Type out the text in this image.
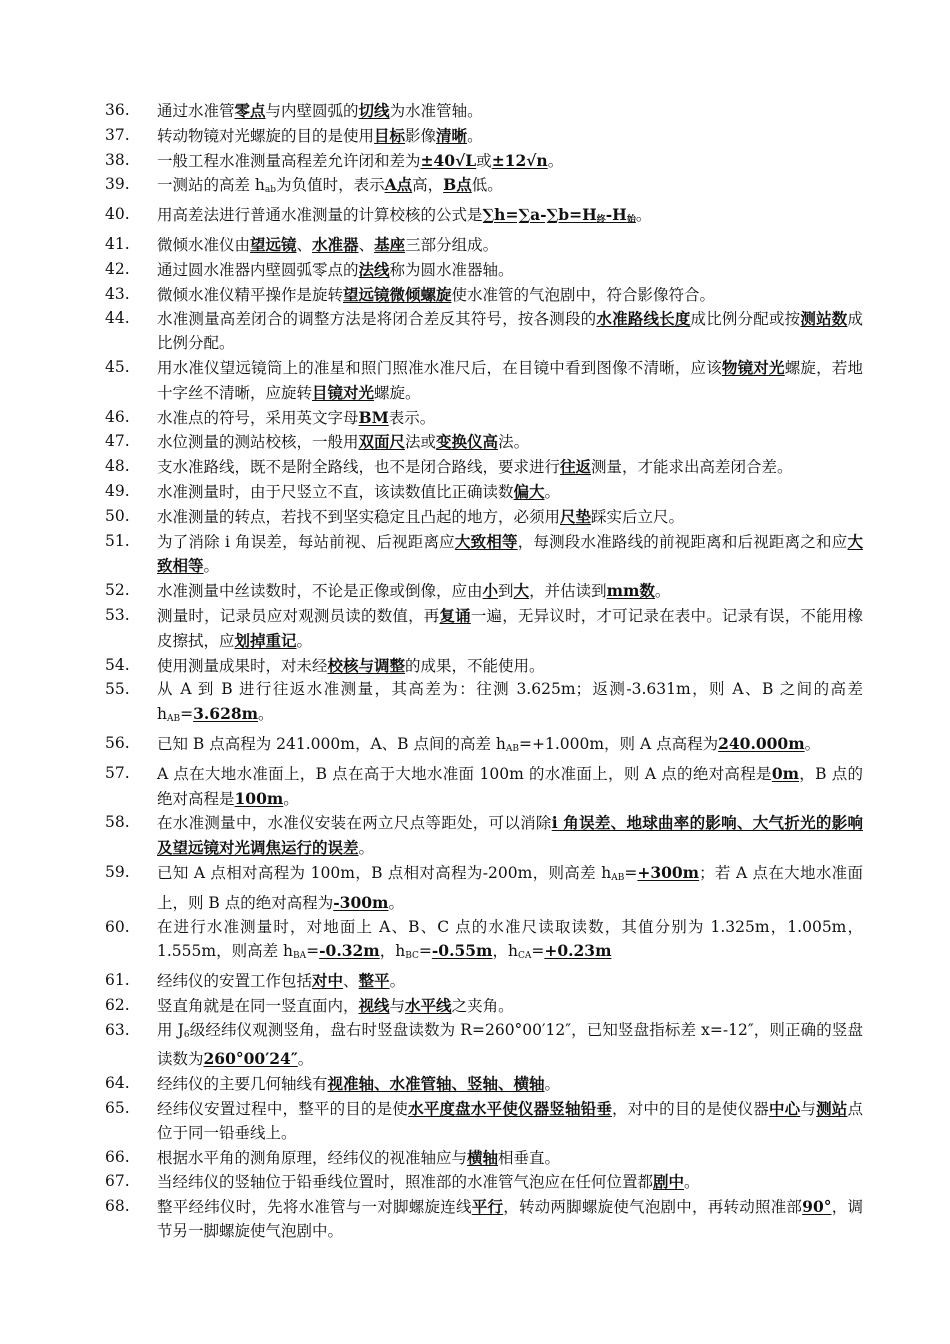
36.	通过水准管零点与内壁圆弧的切线为水准管轴。
37.	转动物镜对光螺旋的目的是使用目标影像清晰。
38.	一般工程水准测量高程差允许闭和差为±40√L或±12√n。
39.	一测站的高差 $h_{ab}$为负值时，表示A点高，B点低。
40.	用高差法进行普通水准测量的计算校核的公式是$\sum h=\sum a-\sum b=H_终-H_始$。
41.	微倾水准仪由望远镜、水准器、基座三部分组成。
42.	通过圆水准器内壁圆弧零点的法线称为圆水准器轴。
43.	微倾水准仪精平操作是旋转望远镜微倾螺旋使水准管的气泡剧中，符合影像符合。
44.	水准测量高差闭合的调整方法是将闭合差反其符号，按各测段的水准路线长度成比例分配或按测站数成比例分配。
45.	用水准仪望远镜筒上的准星和照门照准水准尺后，在目镜中看到图像不清晰，应该物镜对光螺旋，若地十字丝不清晰，应旋转目镜对光螺旋。
46.	水准点的符号，采用英文字母BM表示。
47.	水位测量的测站校核，一般用双面尺法或变换仪高法。
48.	支水准路线，既不是附全路线，也不是闭合路线，要求进行往返测量，才能求出高差闭合差。
49.	水准测量时，由于尺竖立不直，该读数值比正确读数偏大。
50.	水准测量的转点，若找不到坚实稳定且凸起的地方，必须用尺垫踩实后立尺。
51.	为了消除 i 角误差，每站前视、后视距离应大致相等，每测段水准路线的前视距离和后视距离之和应大致相等。
52.	水准测量中丝读数时，不论是正像或倒像，应由小到大，并估读到mm数。
53.	测量时，记录员应对观测员读的数值，再复诵一遍，无异议时，才可记录在表中。记录有误，不能用橡皮擦拭，应划掉重记。
54.	使用测量成果时，对未经校核与调整的成果，不能使用。
55.	从 A 到 B 进行往返水准测量，其高差为：往测 3.625m；返测-3.631m，则 A、B 之间的高差 $h_{AB}=3.628m$。
56.	已知 B 点高程为 241.000m，A、B 点间的高差 $h_{AB}=+1.000m$，则 A 点高程为240.000m。
57.	A 点在大地水准面上，B 点在高于大地水准面 100m 的水准面上，则 A 点的绝对高程是0m，B 点的绝对高程是100m。
58.	在水准测量中，水准仪安装在两立尺点等距处，可以消除i 角误差、地球曲率的影响、大气折光的影响及望远镜对光调焦运行的误差。
59.	已知 A 点相对高程为 100m，B 点相对高程为-200m，则高差 $h_{AB}=+300m$；若 A 点在大地水准面上，则 B 点的绝对高程为-300m。
60.	在进行水准测量时，对地面上 A、B、C 点的水准尺读取读数，其值分别为 1.325m，1.005m，1.555m，则高差 $h_{BA}=-0.32m$，$h_{BC}=-0.55m$，$h_{CA}=+0.23m$
61.	经纬仪的安置工作包括对中、整平。
62.	竖直角就是在同一竖直面内，视线与水平线之夹角。
63.	用 $J_6$级经纬仪观测竖角，盘右时竖盘读数为 R=260°00′12″，已知竖盘指标差 x=-12″，则正确的竖盘读数为260°00′24″。
64.	经纬仪的主要几何轴线有视准轴、水准管轴、竖轴、横轴。
65.	经纬仪安置过程中，整平的目的是使水平度盘水平使仪器竖轴铅垂，对中的目的是使仪器中心与测站点位于同一铅垂线上。
66.	根据水平角的测角原理，经纬仪的视准轴应与横轴相垂直。
67.	当经纬仪的竖轴位于铅垂线位置时，照准部的水准管气泡应在任何位置都剧中。
68.	整平经纬仪时，先将水准管与一对脚螺旋连线平行，转动两脚螺旋使气泡剧中，再转动照准部90°，调节另一脚螺旋使气泡剧中。
